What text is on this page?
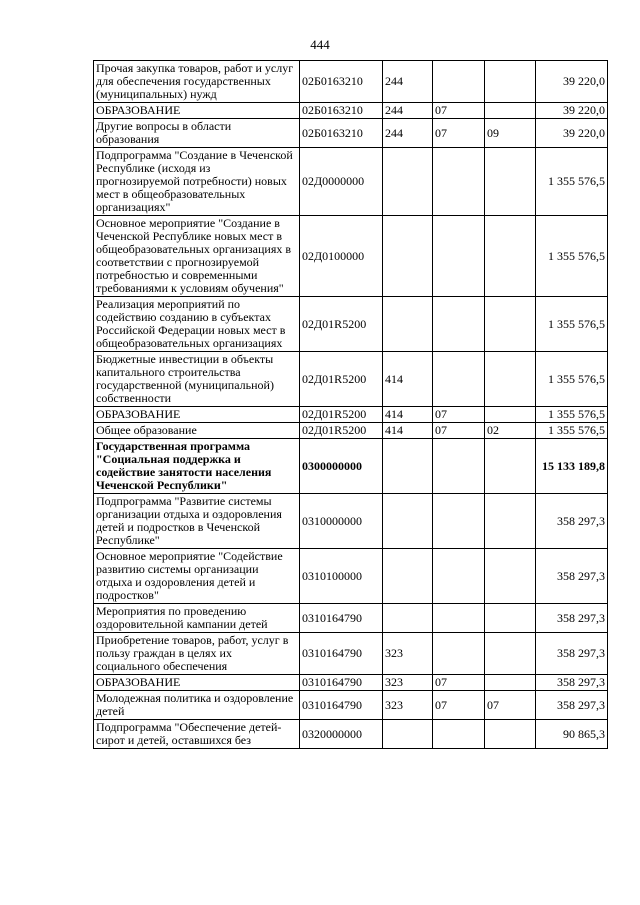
444
Прочая закупка товаров, работ и услуг для обеспечения государственных (муниципальных) нужд	02Б0163210	244			39 220,0
ОБРАЗОВАНИЕ	02Б0163210	244	07		39 220,0
Другие вопросы в области образования	02Б0163210	244	07	09	39 220,0
Подпрограмма "Создание в Чеченской Республике (исходя из прогнозируемой потребности) новых мест в общеобразовательных организациях"	02Д0000000				1 355 576,5
Основное мероприятие "Создание в Чеченской Республике новых мест в общеобразовательных организациях в соответствии с прогнозируемой потребностью и современными требованиями к условиям обучения"	02Д0100000				1 355 576,5
Реализация мероприятий по содействию созданию в субъектах Российской Федерации новых мест в общеобразовательных организациях	02Д01R5200				1 355 576,5
Бюджетные инвестиции в объекты капитального строительства государственной (муниципальной) собственности	02Д01R5200	414			1 355 576,5
ОБРАЗОВАНИЕ	02Д01R5200	414	07		1 355 576,5
Общее образование	02Д01R5200	414	07	02	1 355 576,5
Государственная программа "Социальная поддержка и содействие занятости населения Чеченской Республики"	0300000000				15 133 189,8
Подпрограмма "Развитие системы организации отдыха и оздоровления детей и подростков в Чеченской Республике"	0310000000				358 297,3
Основное мероприятие "Содействие развитию системы организации отдыха и оздоровления детей и подростков"	0310100000				358 297,3
Мероприятия по проведению оздоровительной кампании детей	0310164790				358 297,3
Приобретение товаров, работ, услуг в пользу граждан в целях их социального обеспечения	0310164790	323			358 297,3
ОБРАЗОВАНИЕ	0310164790	323	07		358 297,3
Молодежная политика и оздоровление детей	0310164790	323	07	07	358 297,3
Подпрограмма "Обеспечение детей-сирот и детей, оставшихся без	0320000000				90 865,3
